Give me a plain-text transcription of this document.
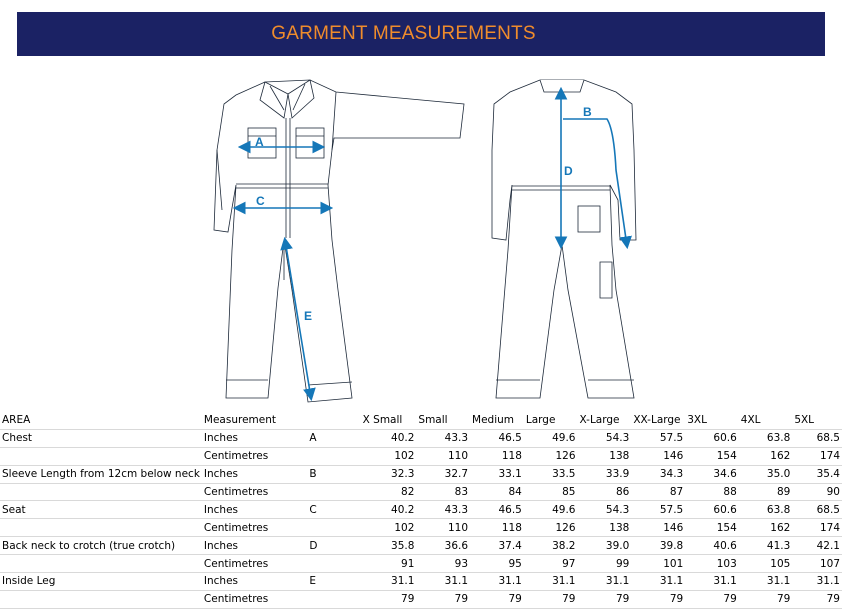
GARMENT MEASUREMENTS
A
C
E
B
D
AREA	Measurement		X Small	Small	Medium	Large	X-Large	XX-Large	3XL	4XL	5XL
Chest	Inches	A	40.2	43.3	46.5	49.6	54.3	57.5	60.6	63.8	68.5
	Centimetres		102	110	118	126	138	146	154	162	174
Sleeve Length from 12cm below neck	Inches	B	32.3	32.7	33.1	33.5	33.9	34.3	34.6	35.0	35.4
	Centimetres		82	83	84	85	86	87	88	89	90
Seat	Inches	C	40.2	43.3	46.5	49.6	54.3	57.5	60.6	63.8	68.5
	Centimetres		102	110	118	126	138	146	154	162	174
Back neck to crotch (true crotch)	Inches	D	35.8	36.6	37.4	38.2	39.0	39.8	40.6	41.3	42.1
	Centimetres		91	93	95	97	99	101	103	105	107
Inside Leg	Inches	E	31.1	31.1	31.1	31.1	31.1	31.1	31.1	31.1	31.1
	Centimetres		79	79	79	79	79	79	79	79	79
